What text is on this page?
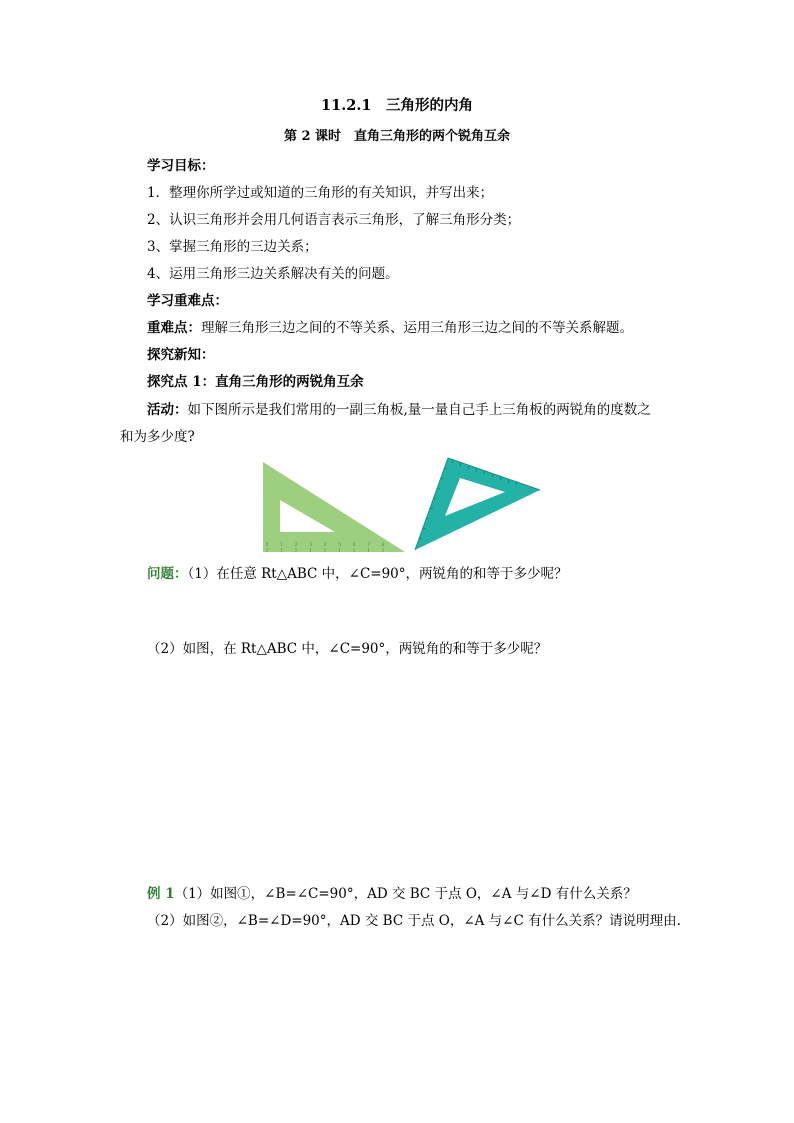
11.2.1　三角形的内角
第 2 课时　直角三角形的两个锐角互余
学习目标：
1．整理你所学过或知道的三角形的有关知识，并写出来；
2、认识三角形并会用几何语言表示三角形，了解三角形分类；
3、掌握三角形的三边关系；
4、运用三角形三边关系解决有关的问题。
学习重难点：
重难点：理解三角形三边之间的不等关系、运用三角形三边之间的不等关系解题。
探究新知：
探究点 1：直角三角形的两锐角互余
活动：如下图所示是我们常用的一副三角板,量一量自己手上三角板的两锐角的度数之
和为多少度?
0	1	2	3	4	5	6	7	8
问题：（1）在任意 Rt△ABC 中，∠C=90°，两锐角的和等于多少呢？
（2）如图，在 Rt△ABC 中，∠C=90°，两锐角的和等于多少呢？
例 1（1）如图①，∠B=∠C=90°，AD 交 BC 于点 O，∠A 与∠D 有什么关系？
（2）如图②，∠B=∠D=90°，AD 交 BC 于点 O，∠A 与∠C 有什么关系？请说明理由.
